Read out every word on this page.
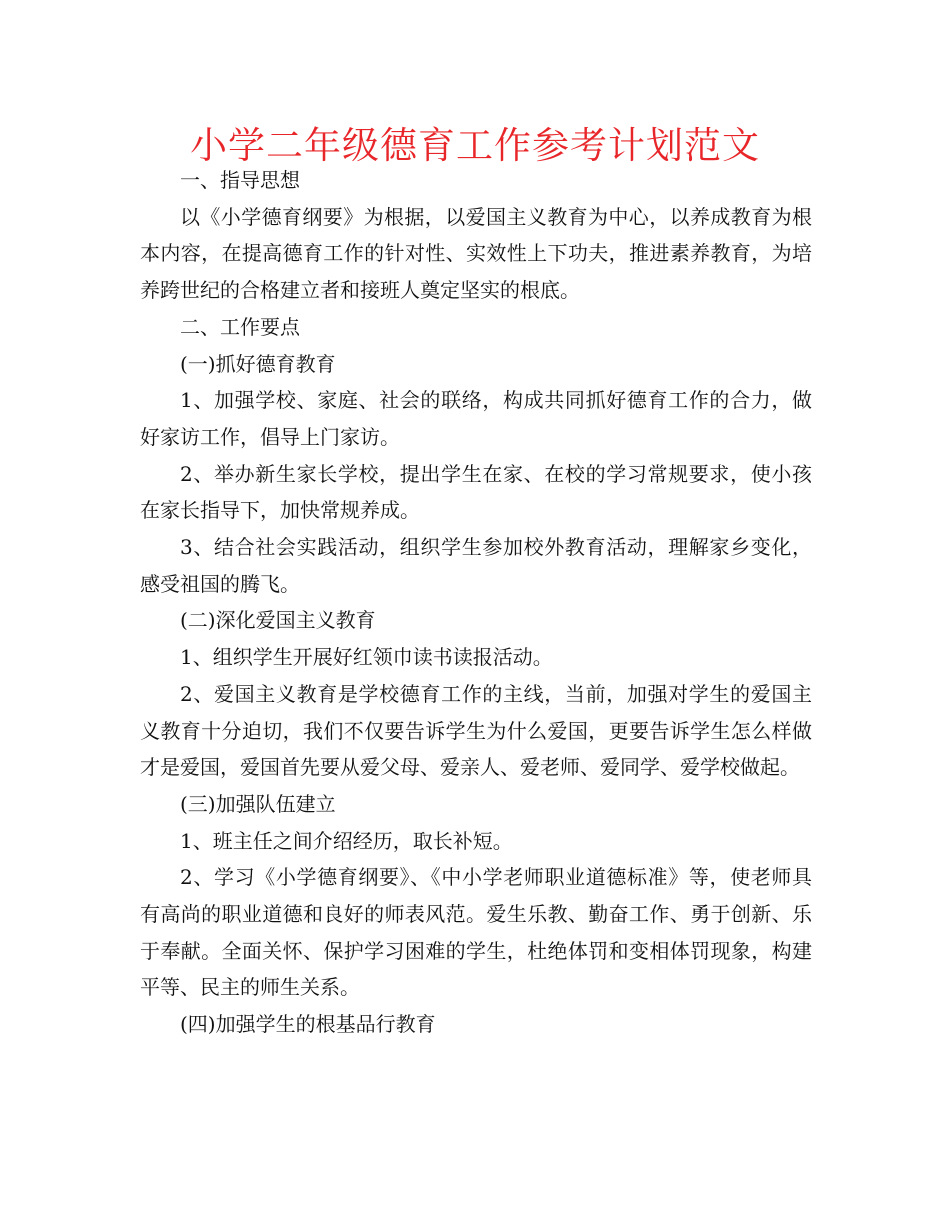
小学二年级德育工作参考计划范文

一、指导思想

以《小学德育纲要》为根据，以爱国主义教育为中心，以养成教育为根本内容，在提高德育工作的针对性、实效性上下功夫，推进素养教育，为培养跨世纪的合格建立者和接班人奠定坚实的根底。

二、工作要点

(一)抓好德育教育

1、加强学校、家庭、社会的联络，构成共同抓好德育工作的合力，做好家访工作，倡导上门家访。

2、举办新生家长学校，提出学生在家、在校的学习常规要求，使小孩在家长指导下，加快常规养成。

3、结合社会实践活动，组织学生参加校外教育活动，理解家乡变化，感受祖国的腾飞。

(二)深化爱国主义教育

1、组织学生开展好红领巾读书读报活动。

2、爱国主义教育是学校德育工作的主线，当前，加强对学生的爱国主义教育十分迫切，我们不仅要告诉学生为什么爱国，更要告诉学生怎么样做才是爱国，爱国首先要从爱父母、爱亲人、爱老师、爱同学、爱学校做起。

(三)加强队伍建立

1、班主任之间介绍经历，取长补短。

2、学习《小学德育纲要》、《中小学老师职业道德标准》等，使老师具有高尚的职业道德和良好的师表风范。爱生乐教、勤奋工作、勇于创新、乐于奉献。全面关怀、保护学习困难的学生，杜绝体罚和变相体罚现象，构建平等、民主的师生关系。

(四)加强学生的根基品行教育
